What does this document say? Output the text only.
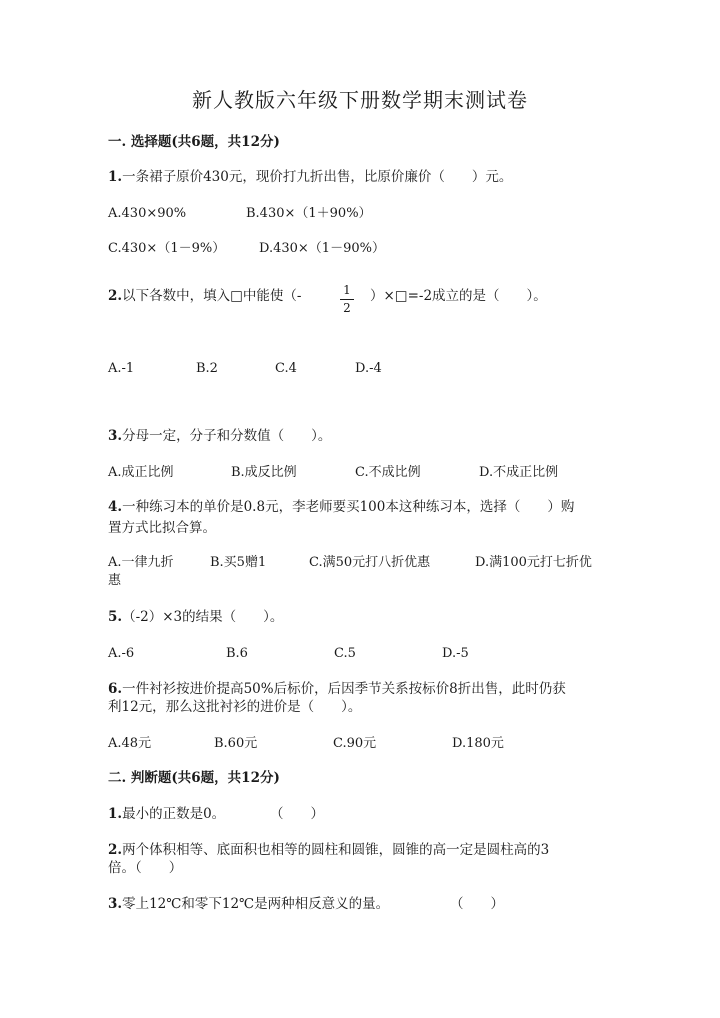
新人教版六年级下册数学期末测试卷
一. 选择题(共6题，共12分)
1.一条裙子原价430元，现价打九折出售，比原价廉价（　　）元。
A.430×90%	B.430×（1＋90%）
C.430×（1－9%）	D.430×（1－90%）
2.以下各数中，填入□中能使（-	1
2
）×□=-2成立的是（　　）。
A.-1	B.2	C.4	D.-4
3.分母一定，分子和分数值（　　）。
A.成正比例	B.成反比例	C.不成比例	D.不成正比例
4.一种练习本的单价是0.8元，李老师要买100本这种练习本，选择（　　）购
置方式比拟合算。
A.一律九折	B.买5赠1	C.满50元打八折优惠	D.满100元打七折优
惠
5.（-2）×3的结果（　　）。
A.-6	B.6	C.5	D.-5
6.一件衬衫按进价提高50%后标价，后因季节关系按标价8折出售，此时仍获
利12元，那么这批衬衫的进价是（　　）。
A.48元	B.60元	C.90元	D.180元
二. 判断题(共6题，共12分)
1.最小的正数是0。	（　　）
2.两个体积相等、底面积也相等的圆柱和圆锥，圆锥的高一定是圆柱高的3
倍。（　　）
3.零上12℃和零下12℃是两种相反意义的量。	（　　）
